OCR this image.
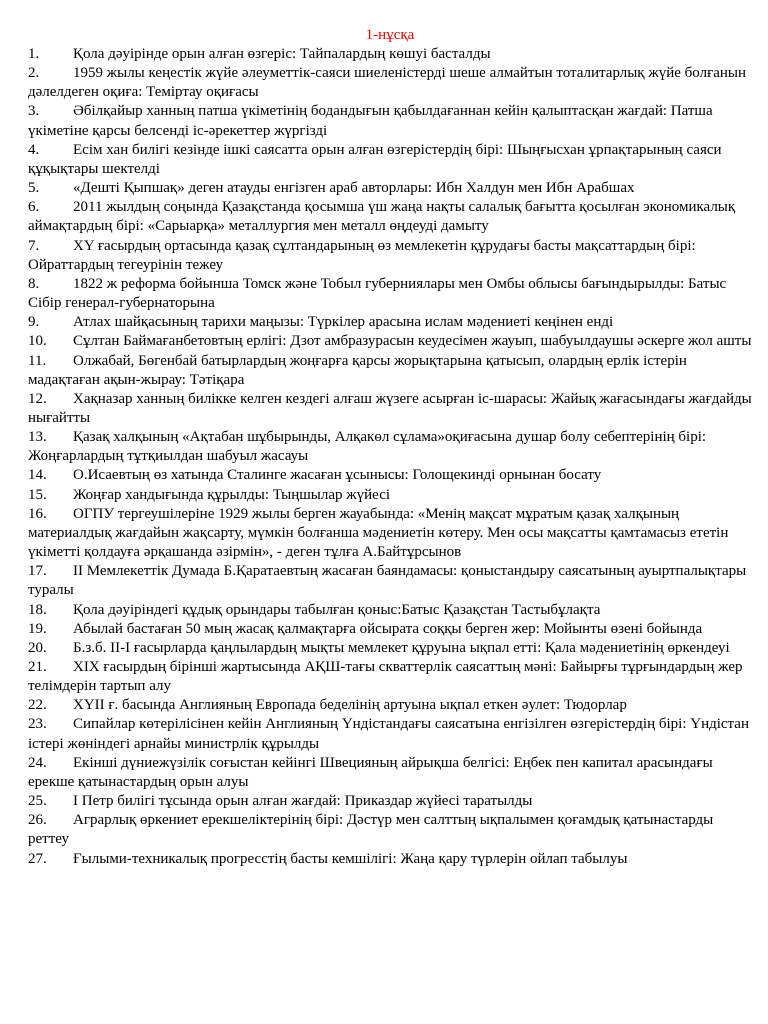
1-нұсқа
1. Қола дәуірінде орын алған өзгеріс: Тайпалардың көшуі басталды
2. 1959 жылы кеңестік жүйе әлеуметтік-саяси шиеленістерді шеше алмайтын тоталитарлық жүйе болғанын дәлелдеген оқиға: Теміртау оқиғасы
3. Әбілқайыр ханның патша үкіметінің бодандығын қабылдағаннан кейін қалыптасқан жағдай: Патша үкіметіне қарсы белсенді іс-әрекеттер жүргізді
4. Есім хан билігі кезінде ішкі саясатта орын алған өзгерістердің бірі: Шыңғысхан ұрпақтарының саяси құқықтары шектелді
5. «Дешті Қыпшақ» деген атауды енгізген араб авторлары: Ибн Халдун мен Ибн Арабшах
6. 2011 жылдың соңында Қазақстанда қосымша үш жаңа нақты салалық бағытта қосылған экономикалық аймақтардың бірі: «Сарыарқа» металлургия мен металл өңдеуді дамыту
7. XY ғасырдың ортасында қазақ сұлтандарының өз мемлекетін құрудағы басты мақсаттардың бірі: Ойраттардың тегеурінін тежеу
8. 1822 ж реформа бойынша Томск және Тобыл губерниялары мен Омбы облысы бағындырылды: Батыс Сібір генерал-губернаторына
9. Атлах шайқасының тарихи маңызы: Түркілер арасына ислам мәдениеті кеңінен енді
10. Сұлтан Баймағанбетовтың ерлігі: Дзот амбразурасын кеудесімен жауып, шабуылдаушы әскерге жол ашты
11. Олжабай, Бөгенбай батырлардың жоңғарға қарсы жорықтарына қатысып, олардың ерлік істерін мадақтаған ақын-жырау: Тәтіқара
12. Хақназар ханның билікке келген кездегі алғаш жүзеге асырған іс-шарасы: Жайық жағасындағы жағдайды нығайтты
13. Қазақ халқының «Ақтабан шұбырынды, Алқакөл сұлама»оқиғасына душар болу себептерінің бірі: Жоңғарлардың тұтқиылдан шабуыл жасауы
14. О.Исаевтың өз хатында Сталинге жасаған ұсынысы: Голощекинді орнынан босату
15. Жоңғар хандығында құрылды: Тыңшылар жүйесі
16. ОГПУ тергеушілеріне 1929 жылы берген жауабында: «Менің мақсат мұратым қазақ халқының материалдық жағдайын жақсарту, мүмкін болғанша мәдениетін көтеру. Мен осы мақсатты қамтамасыз ететін үкіметті қолдауға әрқашанда әзірмін», - деген тұлға А.Байтұрсынов
17. ІІ Мемлекеттік Думада Б.Қаратаевтың жасаған баяндамасы: қоныстандыру саясатының ауыртпалықтары туралы
18. Қола дәуіріндегі құдық орындары табылған қоныс:Батыс Қазақстан Тастыбұлақта
19. Абылай бастаған 50 мың жасақ қалмақтарға ойсырата соққы берген жер: Мойынты өзені бойында
20. Б.з.б. ІІ-І ғасырларда қаңлылардың мықты мемлекет құруына ықпал етті: Қала мәдениетінің өркендеуі
21. ХІХ ғасырдың бірінші жартысында АҚШ-тағы скваттерлік саясаттың мәні: Байырғы тұрғындардың жер телімдерін тартып алу
22. ХYІІ ғ. басында Англияның Европада беделінің артуына ықпал еткен әулет: Тюдорлар
23. Сипайлар көтерілісінен кейін Англияның Үндістандағы саясатына енгізілген өзгерістердің бірі: Үндістан істері жөніндегі арнайы министрлік құрылды
24. Екінші дүниежүзілік соғыстан кейінгі Швецияның айрықша белгісі: Еңбек пен капитал арасындағы ерекше қатынастардың орын алуы
25. І Петр билігі тұсында орын алған жағдай: Приказдар жүйесі таратылды
26. Аграрлық өркениет ерекшеліктерінің бірі: Дәстүр мен салттың ықпалымен қоғамдық қатынастарды реттеу
27. Ғылыми-техникалық прогресстің басты кемшілігі: Жаңа қару түрлерін ойлап табылуы
